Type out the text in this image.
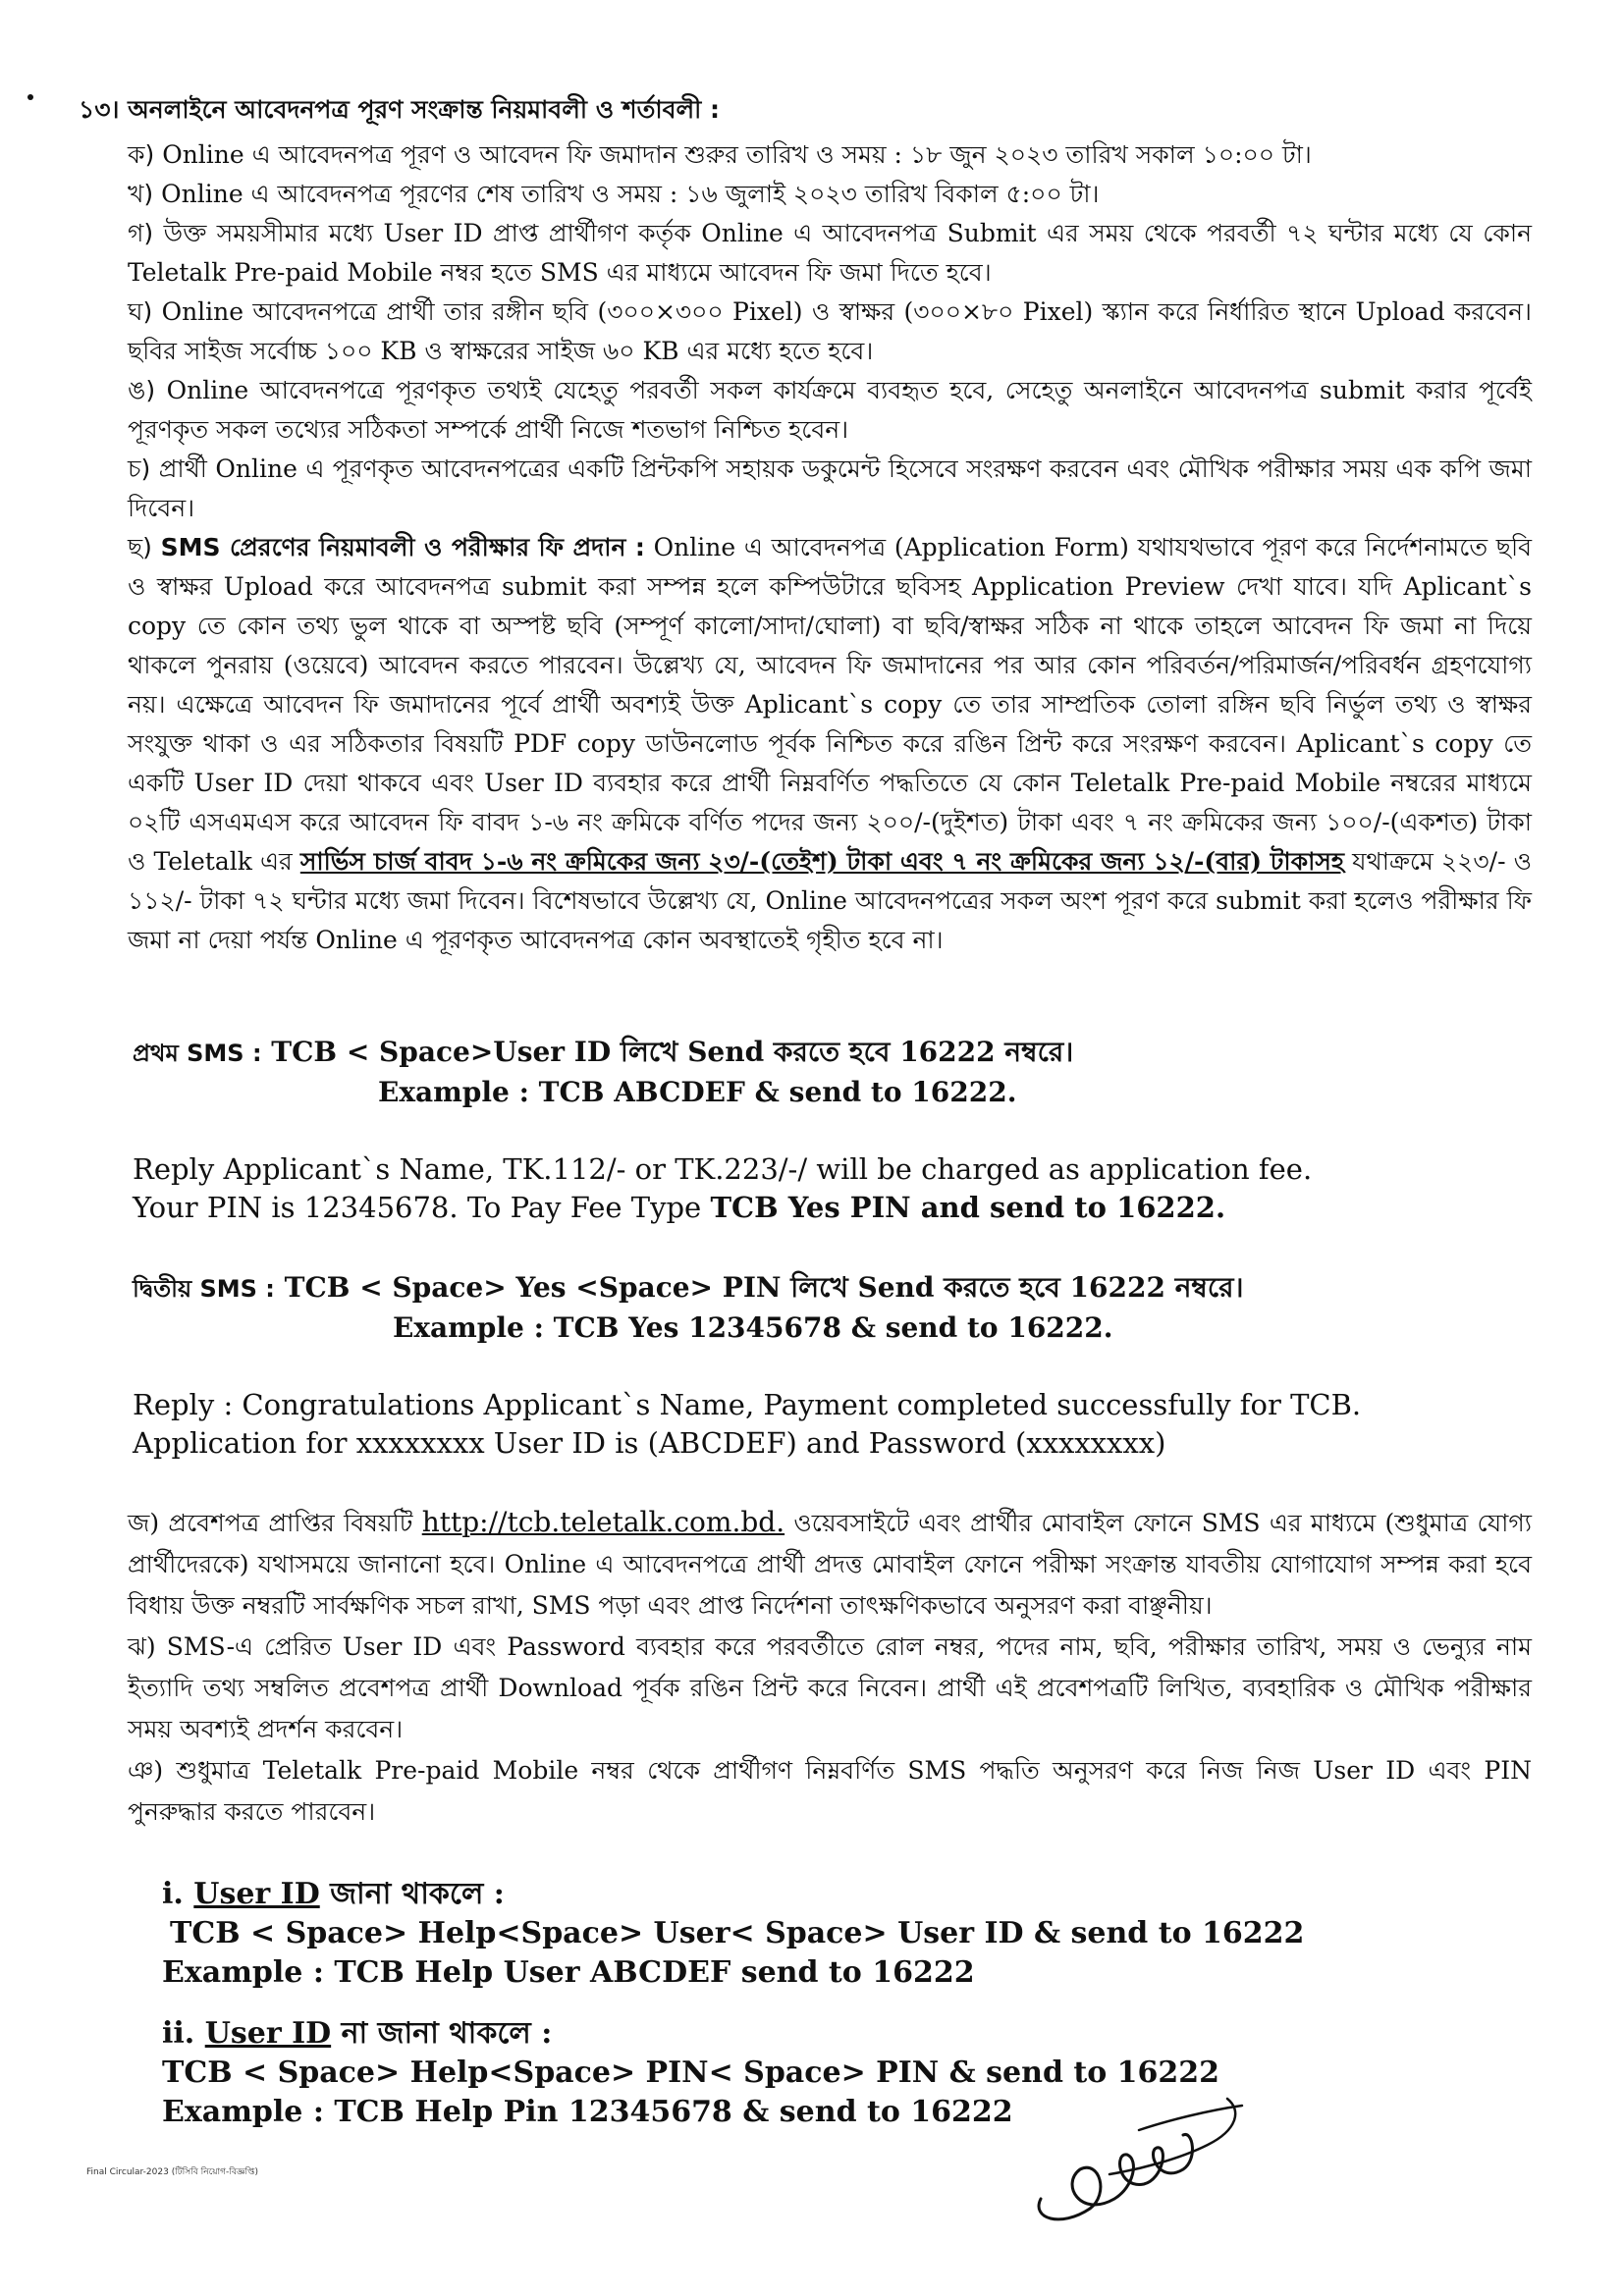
১৩। অনলাইনে আবেদনপত্র পূরণ সংক্রান্ত নিয়মাবলী ও শর্তাবলী :

ক) Online এ আবেদনপত্র পূরণ ও আবেদন ফি জমাদান শুরুর তারিখ ও সময় : ১৮ জুন ২০২৩ তারিখ সকাল ১০:০০ টা।

খ) Online এ আবেদনপত্র পূরণের শেষ তারিখ ও সময় : ১৬ জুলাই ২০২৩ তারিখ বিকাল ৫:০০ টা।

গ) উক্ত সময়সীমার মধ্যে User ID প্রাপ্ত প্রার্থীগণ কর্তৃক Online এ আবেদনপত্র Submit এর সময় থেকে পরবর্তী ৭২ ঘন্টার মধ্যে যে কোন Teletalk Pre-paid Mobile নম্বর হতে SMS এর মাধ্যমে আবেদন ফি জমা দিতে হবে।

ঘ) Online আবেদনপত্রে প্রার্থী তার রঙ্গীন ছবি (৩০০×৩০০ Pixel) ও স্বাক্ষর (৩০০×৮০ Pixel) স্ক্যান করে নির্ধারিত স্থানে Upload করবেন। ছবির সাইজ সর্বোচ্চ ১০০ KB ও স্বাক্ষরের সাইজ ৬০ KB এর মধ্যে হতে হবে।

ঙ) Online আবেদনপত্রে পূরণকৃত তথ্যই যেহেতু পরবর্তী সকল কার্যক্রমে ব্যবহৃত হবে, সেহেতু অনলাইনে আবেদনপত্র submit করার পূর্বেই পূরণকৃত সকল তথ্যের সঠিকতা সম্পর্কে প্রার্থী নিজে শতভাগ নিশ্চিত হবেন।

চ) প্রার্থী Online এ পূরণকৃত আবেদনপত্রের একটি প্রিন্টকপি সহায়ক ডকুমেন্ট হিসেবে সংরক্ষণ করবেন এবং মৌখিক পরীক্ষার সময় এক কপি জমা দিবেন।

ছ) SMS প্রেরণের নিয়মাবলী ও পরীক্ষার ফি প্রদান : Online এ আবেদনপত্র (Application Form) যথাযথভাবে পূরণ করে নির্দেশনামতে ছবি ও স্বাক্ষর Upload করে আবেদনপত্র submit করা সম্পন্ন হলে কম্পিউটারে ছবিসহ Application Preview দেখা যাবে। যদি Aplicant`s copy তে কোন তথ্য ভুল থাকে বা অস্পষ্ট ছবি (সম্পূর্ণ কালো/সাদা/ঘোলা) বা ছবি/স্বাক্ষর সঠিক না থাকে তাহলে আবেদন ফি জমা না দিয়ে থাকলে পুনরায় (ওয়েবে) আবেদন করতে পারবেন। উল্লেখ্য যে, আবেদন ফি জমাদানের পর আর কোন পরিবর্তন/পরিমার্জন/পরিবর্ধন গ্রহণযোগ্য নয়। এক্ষেত্রে আবেদন ফি জমাদানের পূর্বে প্রার্থী অবশ্যই উক্ত Aplicant`s copy তে তার সাম্প্রতিক তোলা রঙ্গিন ছবি নির্ভুল তথ্য ও স্বাক্ষর সংযুক্ত থাকা ও এর সঠিকতার বিষয়টি PDF copy ডাউনলোড পূর্বক নিশ্চিত করে রঙিন প্রিন্ট করে সংরক্ষণ করবেন। Aplicant`s copy তে একটি User ID দেয়া থাকবে এবং User ID ব্যবহার করে প্রার্থী নিম্নবর্ণিত পদ্ধতিতে যে কোন Teletalk Pre-paid Mobile নম্বরের মাধ্যমে ০২টি এসএমএস করে আবেদন ফি বাবদ ১-৬ নং ক্রমিকে বর্ণিত পদের জন্য ২০০/-(দুইশত) টাকা এবং ৭ নং ক্রমিকের জন্য ১০০/-(একশত) টাকা ও Teletalk এর সার্ভিস চার্জ বাবদ ১-৬ নং ক্রমিকের জন্য ২৩/-(তেইশ) টাকা এবং ৭ নং ক্রমিকের জন্য ১২/-(বার) টাকাসহ যথাক্রমে ২২৩/- ও ১১২/- টাকা ৭২ ঘন্টার মধ্যে জমা দিবেন। বিশেষভাবে উল্লেখ্য যে, Online আবেদনপত্রের সকল অংশ পূরণ করে submit করা হলেও পরীক্ষার ফি জমা না দেয়া পর্যন্ত Online এ পূরণকৃত আবেদনপত্র কোন অবস্থাতেই গৃহীত হবে না।

প্রথম SMS : TCB < Space>User ID লিখে Send করতে হবে 16222 নম্বরে।
Example : TCB ABCDEF & send to 16222.
Reply Applicant`s Name, TK.112/- or TK.223/-/ will be charged as application fee.
Your PIN is 12345678. To Pay Fee Type TCB Yes PIN and send to 16222.
দ্বিতীয় SMS : TCB < Space> Yes <Space> PIN লিখে Send করতে হবে 16222 নম্বরে।
Example : TCB Yes 12345678 & send to 16222.
Reply : Congratulations Applicant`s Name, Payment completed successfully for TCB.
Application for xxxxxxxx User ID is (ABCDEF) and Password (xxxxxxxx)

জ) প্রবেশপত্র প্রাপ্তির বিষয়টি http://tcb.teletalk.com.bd. ওয়েবসাইটে এবং প্রার্থীর মোবাইল ফোনে SMS এর মাধ্যমে (শুধুমাত্র যোগ্য প্রার্থীদেরকে) যথাসময়ে জানানো হবে। Online এ আবেদনপত্রে প্রার্থী প্রদত্ত মোবাইল ফোনে পরীক্ষা সংক্রান্ত যাবতীয় যোগাযোগ সম্পন্ন করা হবে বিধায় উক্ত নম্বরটি সার্বক্ষণিক সচল রাখা, SMS পড়া এবং প্রাপ্ত নির্দেশনা তাৎক্ষণিকভাবে অনুসরণ করা বাঞ্ছনীয়।

ঝ) SMS-এ প্রেরিত User ID এবং Password ব্যবহার করে পরবর্তীতে রোল নম্বর, পদের নাম, ছবি, পরীক্ষার তারিখ, সময় ও ভেন্যুর নাম ইত্যাদি তথ্য সম্বলিত প্রবেশপত্র প্রার্থী Download পূর্বক রঙিন প্রিন্ট করে নিবেন। প্রার্থী এই প্রবেশপত্রটি লিখিত, ব্যবহারিক ও মৌখিক পরীক্ষার সময় অবশ্যই প্রদর্শন করবেন।

ঞ) শুধুমাত্র Teletalk Pre-paid Mobile নম্বর থেকে প্রার্থীগণ নিম্নবর্ণিত SMS পদ্ধতি অনুসরণ করে নিজ নিজ User ID এবং PIN পুনরুদ্ধার করতে পারবেন।

i. User ID জানা থাকলে :
TCB < Space> Help<Space> User< Space> User ID & send to 16222
Example : TCB Help User ABCDEF send to 16222
ii. User ID না জানা থাকলে :
TCB < Space> Help<Space> PIN< Space> PIN & send to 16222
Example : TCB Help Pin 12345678 & send to 16222
Final Circular-2023 (টিসিবি নিয়োগ-বিজ্ঞপ্তি)
